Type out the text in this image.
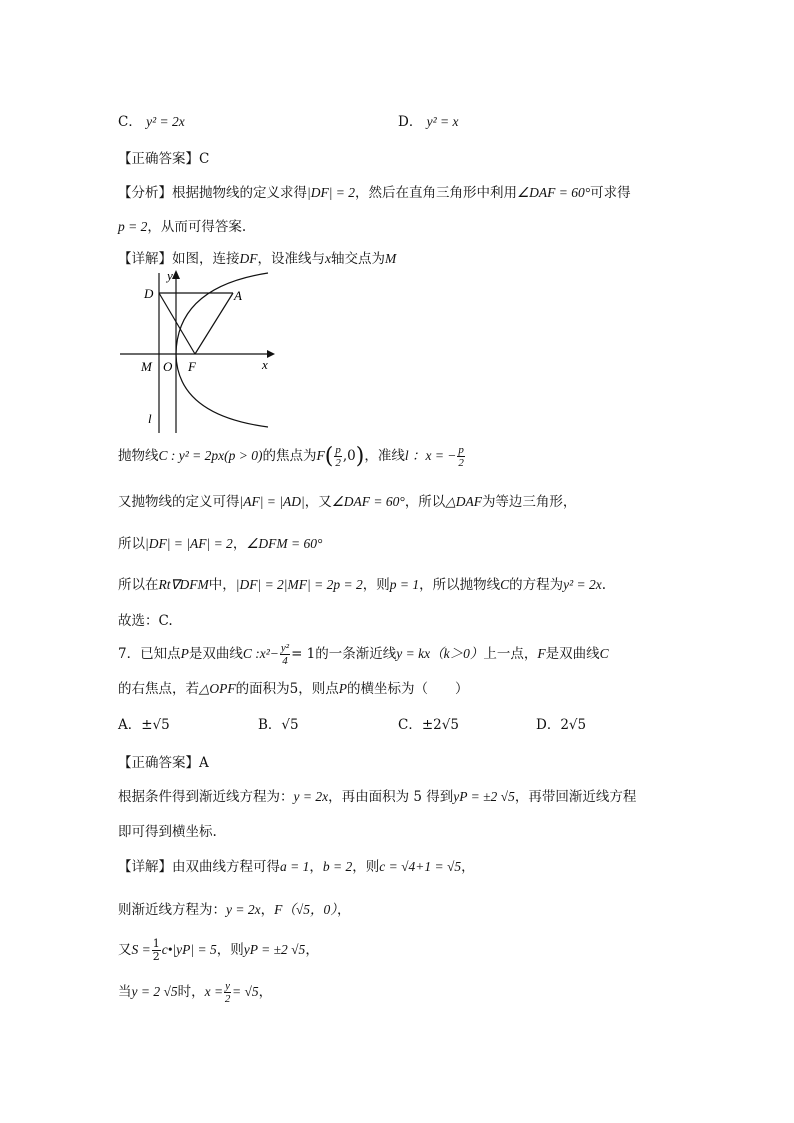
C． y² = 2x	D． y² = x
【正确答案】C
【分析】根据抛物线的定义求得|DF| = 2，然后在直角三角形中利用∠DAF = 60°可求得
p = 2，从而可得答案.
【详解】如图，连接DF，设准线与x轴交点为M
y
D	A
M O F	x
l
抛物线C : y² = 2px(p > 0)的焦点为$F( \frac{p}{2} ,0)$，准线l ：x = − $\frac{p}{2}$
又抛物线的定义可得|AF| = |AD|，又∠DAF = 60°，所以△DAF为等边三角形，
所以|DF| = |AF| = 2，∠DFM = 60°
所以在Rt∇DFM中，|DF| = 2|MF| = 2p = 2，则p = 1，所以抛物线C的方程为y² = 2x.
故选：C.
7．已知点P是双曲线C :x²− $\frac{\text{y²}}{4} = 1$的一条渐近线y = kx（k＞0）上一点，F是双曲线C
的右焦点，若△OPF的面积为5，则点P的横坐标为（　　）
A．±√5	B．√5	C．±2√5	D．2√5
【正确答案】A
根据条件得到渐近线方程为：y = 2x，再由面积为 5 得到yP = ±2 √5，再带回渐近线方程
即可得到横坐标.
【详解】由双曲线方程可得a = 1，b = 2，则c = √4+1 = √5，
则渐近线方程为：y = 2x，F（√5，0），
又$S = \frac{1}{2}$ c•|yP| = 5，则yP = ±2 √5，
当y = 2 √5时，$x = \frac{y}{2} = √5$，
